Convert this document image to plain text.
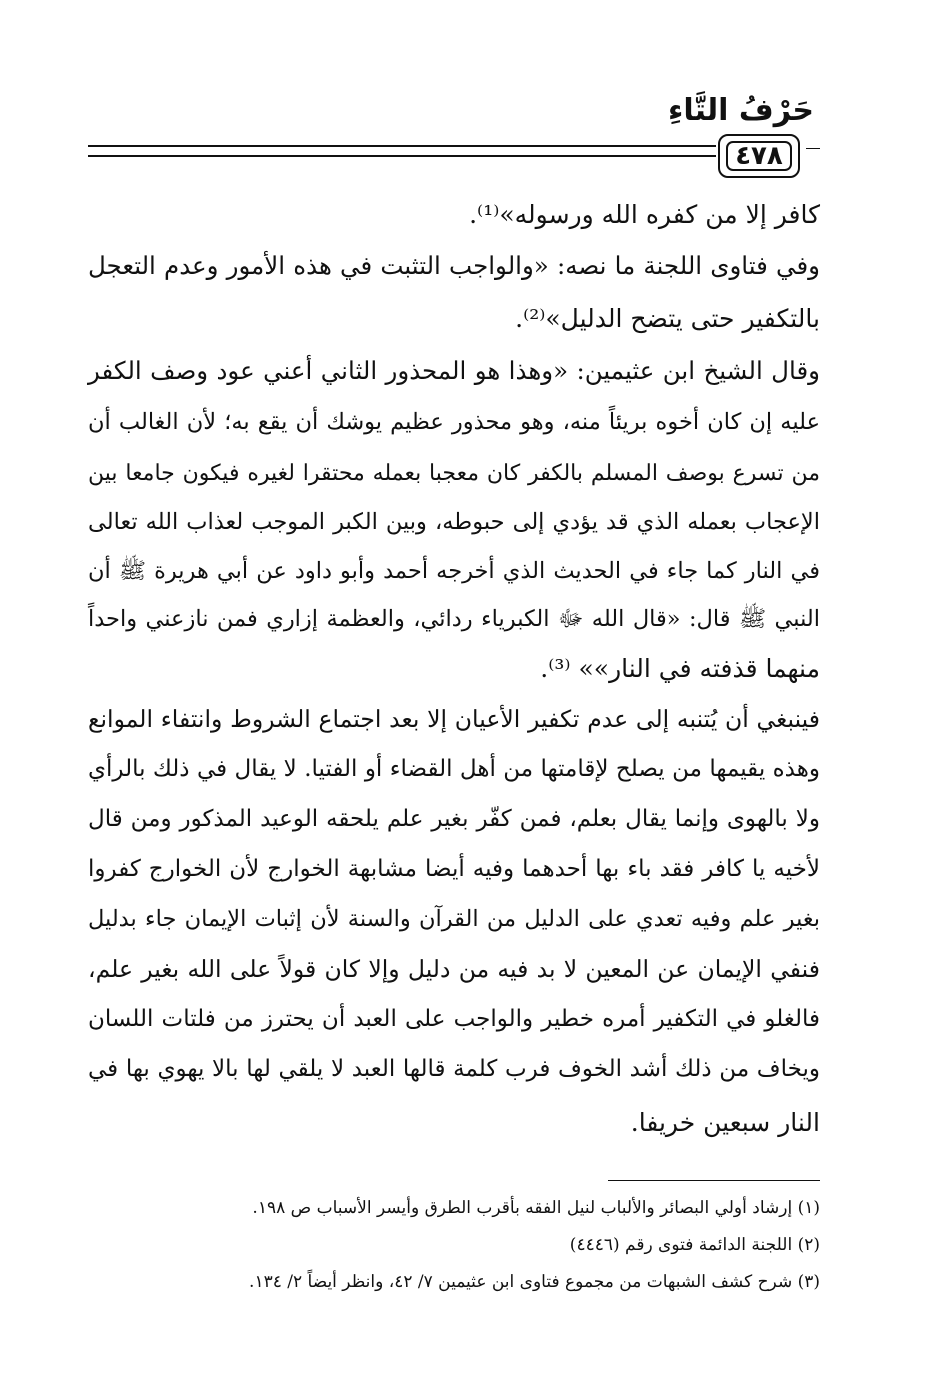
حَرْفُ التَّاءِ
٤٧٨
كافر إلا من كفره الله ورسوله»⁽¹⁾.
وفي فتاوى اللجنة ما نصه: «والواجب التثبت في هذه الأمور وعدم التعجل
بالتكفير حتى يتضح الدليل»⁽²⁾.
وقال الشيخ ابن عثيمين: «وهذا هو المحذور الثاني أعني عود وصف الكفر
عليه إن كان أخوه بريئاً منه، وهو محذور عظيم يوشك أن يقع به؛ لأن الغالب أن
من تسرع بوصف المسلم بالكفر كان معجبا بعمله محتقرا لغيره فيكون جامعا بين
الإعجاب بعمله الذي قد يؤدي إلى حبوطه، وبين الكبر الموجب لعذاب الله تعالى
في النار كما جاء في الحديث الذي أخرجه أحمد وأبو داود عن أبي هريرة ﷺ أن
النبي ﷺ قال: «قال الله ﷻ الكبرياء ردائي، والعظمة إزاري فمن نازعني واحداً
منهما قذفته في النار»» ⁽³⁾.
فينبغي أن يُتنبه إلى عدم تكفير الأعيان إلا بعد اجتماع الشروط وانتفاء الموانع
وهذه يقيمها من يصلح لإقامتها من أهل القضاء أو الفتيا. لا يقال في ذلك بالرأي
ولا بالهوى وإنما يقال بعلم، فمن كفّر بغير علم يلحقه الوعيد المذكور ومن قال
لأخيه يا كافر فقد باء بها أحدهما وفيه أيضا مشابهة الخوارج لأن الخوارج كفروا
بغير علم وفيه تعدي على الدليل من القرآن والسنة لأن إثبات الإيمان جاء بدليل
فنفي الإيمان عن المعين لا بد فيه من دليل وإلا كان قولاً على الله بغير علم،
فالغلو في التكفير أمره خطير والواجب على العبد أن يحترز من فلتات اللسان
ويخاف من ذلك أشد الخوف فرب كلمة قالها العبد لا يلقي لها بالا يهوي بها في
النار سبعين خريفا.
(١) إرشاد أولي البصائر والألباب لنيل الفقه بأقرب الطرق وأيسر الأسباب ص ١٩٨.
(٢) اللجنة الدائمة فتوى رقم (٤٤٤٦)
(٣) شرح كشف الشبهات من مجموع فتاوى ابن عثيمين ٧/ ٤٢، وانظر أيضاً ٢/ ١٣٤.
